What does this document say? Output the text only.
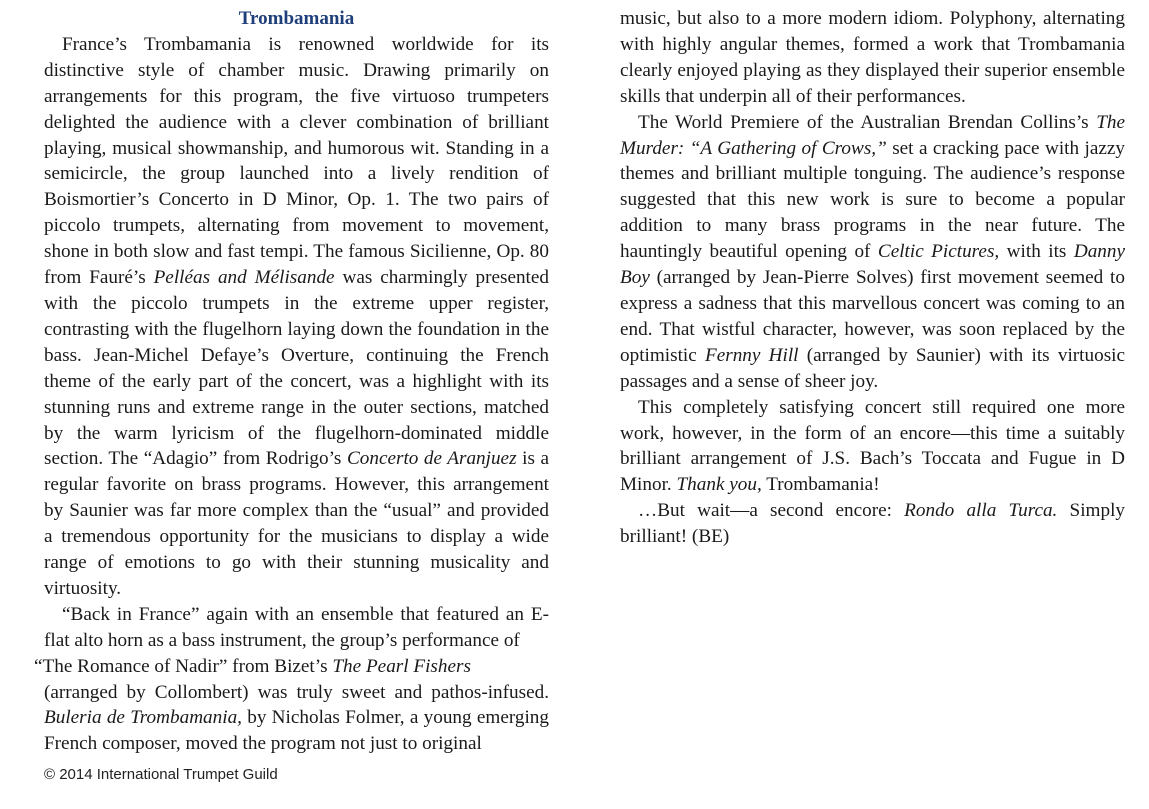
Trombamania

France’s Trombamania is renowned worldwide for its distinctive style of chamber music. Drawing primarily on arrangements for this program, the five virtuoso trumpeters delighted the audience with a clever combination of brilliant playing, musical showmanship, and humorous wit. Standing in a semicircle, the group launched into a lively rendition of Boismortier’s Concerto in D Minor, Op. 1. The two pairs of piccolo trumpets, alternating from movement to movement, shone in both slow and fast tempi. The famous Sicilienne, Op. 80 from Fauré’s Pelléas and Mélisande was charmingly presented with the piccolo trumpets in the extreme upper register, contrasting with the flugelhorn laying down the foundation in the bass. Jean-Michel Defaye’s Overture, continuing the French theme of the early part of the concert, was a highlight with its stunning runs and extreme range in the outer sections, matched by the warm lyricism of the flugelhorn-dominated middle section. The “Adagio” from Rodrigo’s Concerto de Aranjuez is a regular favorite on brass programs. However, this arrangement by Saunier was far more complex than the “usual” and provided a tremendous opportunity for the musicians to display a wide range of emotions to go with their stunning musicality and virtuosity.

“Back in France” again with an ensemble that featured an E-flat alto horn as a bass instrument, the group’s performance of

“The Romance of Nadir” from Bizet’s The Pearl Fishers

(arranged by Collombert) was truly sweet and pathos-infused. Buleria de Trombamania, by Nicholas Folmer, a young emerging French composer, moved the program not just to original

music, but also to a more modern idiom. Polyphony, alternating with highly angular themes, formed a work that Trombamania clearly enjoyed playing as they displayed their superior ensemble skills that underpin all of their performances.

The World Premiere of the Australian Brendan Collins’s The Murder: “A Gathering of Crows,” set a cracking pace with jazzy themes and brilliant multiple tonguing. The audience’s response suggested that this new work is sure to become a popular addition to many brass programs in the near future. The hauntingly beautiful opening of Celtic Pictures, with its Danny Boy (arranged by Jean-Pierre Solves) first movement seemed to express a sadness that this marvellous concert was coming to an end. That wistful character, however, was soon replaced by the optimistic Fernny Hill (arranged by Saunier) with its virtuosic passages and a sense of sheer joy.

This completely satisfying concert still required one more work, however, in the form of an encore—this time a suitably brilliant arrangement of J.S. Bach’s Toccata and Fugue in D Minor. Thank you, Trombamania!

…But wait—a second encore: Rondo alla Turca. Simply brilliant! (BE)

© 2014 International Trumpet Guild
